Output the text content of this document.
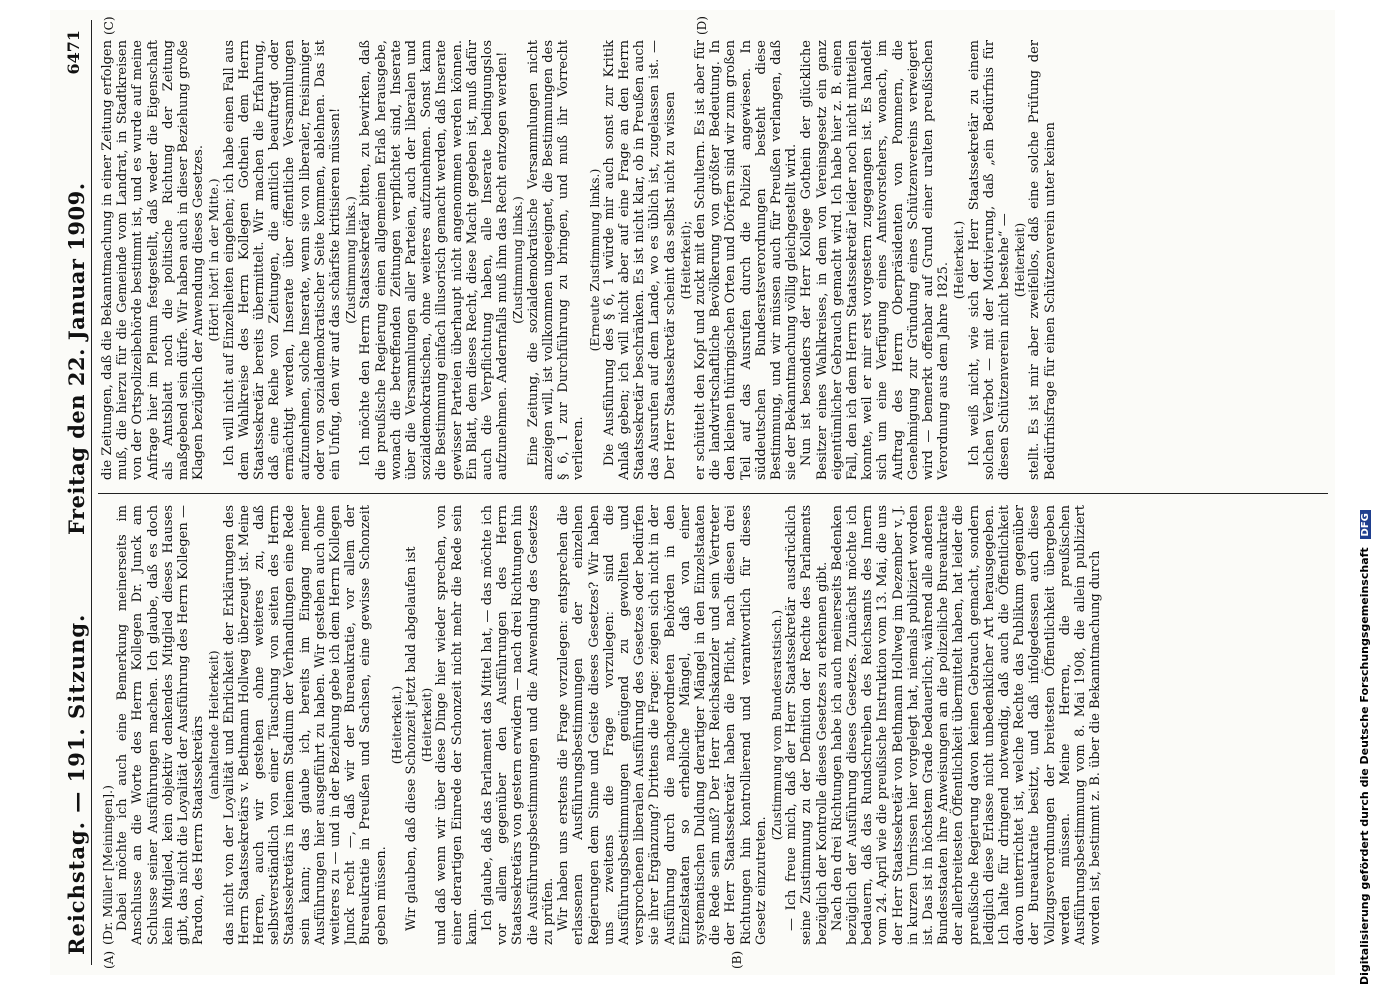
Reichstag. — 191. Sitzung.
Freitag den 22. Januar 1909.
6471
(A)	(B)
(C)	(D)

(Dr. Müller [Meiningen].) Dabei möchte ich auch eine Bemerkung meinerseits im Anschlusse an die Worte des Herrn Kollegen Dr. Junck am Schlusse seiner Ausführungen machen. Ich glaube, daß es doch kein Mitglied, kein objektiv denkendes Mitglied dieses Hauses gibt, das nicht die Loyalität der Ausführung des Herrn Kollegen — Pardon, des Herrn Staatssekretärs (anhaltende Heiterkeit) das nicht von der Loyalität und Ehrlichkeit der Erklärungen des Herrn Staatssekretärs v. Bethmann Hollweg überzeugt ist. Meine Herren, auch wir gestehen ohne weiteres zu, daß selbstverständlich von einer Täuschung von seiten des Herrn Staatssekretärs in keinem Stadium der Verhandlungen eine Rede sein kann; das glaube ich, bereits im Eingang meiner Ausführungen hier ausgeführt zu haben. Wir gestehen auch ohne weiteres zu — und in der Beziehung gebe ich dem Herrn Kollegen Junck recht —, daß wir der Bureaukratie, vor allem der Bureaukratie in Preußen und Sachsen, eine gewisse Schonzeit geben müssen.

(Heiterkeit.) Wir glauben, daß diese Schonzeit jetzt bald abgelaufen ist (Heiterkeit) und daß wenn wir über diese Dinge hier wieder sprechen, von einer derartigen Einrede der Schonzeit nicht mehr die Rede sein kann. Ich glaube, daß das Parlament das Mittel hat, — das möchte ich vor allem gegenüber den Ausführungen des Herrn Staatssekretärs von gestern erwidern — nach drei Richtungen hin die Ausführungsbestimmungen und die Anwendung des Gesetzes zu prüfen. Wir haben uns erstens die Frage vorzulegen: entsprechen die erlassenen Ausführungsbestimmungen der einzelnen Regierungen dem Sinne und Geiste dieses Gesetzes? Wir haben uns zweitens die Frage vorzulegen: sind die Ausführungsbestimmungen genügend zu gewollten und versprochenen liberalen Ausführung des Gesetzes oder bedürfen sie ihrer Ergänzung? Drittens die Frage: zeigen sich nicht in der Ausführung durch die nachgeordneten Behörden in den Einzelstaaten so erhebliche Mängel, daß von einer systematischen Duldung derartiger Mängel in den Einzelstaaten die Rede sein muß? Der Herr Reichskanzler und sein Vertreter der Herr Staatssekretär haben die Pflicht, nach diesen drei Richtungen hin kontrollierend und verantwortlich für dieses Gesetz einzutreten.

(Zustimmung vom Bundesratstisch.) — Ich freue mich, daß der Herr Staatssekretär ausdrücklich seine Zustimmung zu der Definition der Rechte des Parlaments bezüglich der Kontrolle dieses Gesetzes zu erkennen gibt. Nach den drei Richtungen habe ich auch meinerseits Bedenken bezüglich der Ausführung dieses Gesetzes. Zunächst möchte ich bedauern, daß das Rundschreiben des Reichsamts des Innern vom 24. April wie die preußische Instruktion vom 13. Mai, die uns der Herr Staatssekretär von Bethmann Hollweg im Dezember v. J. in kurzen Umrissen hier vorgelegt hat, niemals publiziert worden ist. Das ist in höchstem Grade bedauerlich; während alle anderen Bundesstaaten ihre Anweisungen an die polizeiliche Bureaukratie der allerbreitesten Öffentlichkeit übermittelt haben, hat leider die preußische Regierung davon keinen Gebrauch gemacht, sondern lediglich diese Erlasse nicht unbedenklicher Art herausgegeben. Ich halte für dringend notwendig, daß auch die Öffentlichkeit davon unterrichtet ist, welche Rechte das Publikum gegenüber der Bureaukratie besitzt, und daß infolgedessen auch diese Vollzugsverordnungen der breitesten Öffentlichkeit übergeben werden müssen. Meine Herren, die preußischen Ausführungsbestimmung vom 8. Mai 1908, die allein publiziert worden ist, bestimmt z. B. über die Bekanntmachung durch

die Zeitungen, daß die Bekanntmachung in einer Zeitung erfolgen muß, die hierzu für die Gemeinde vom Landrat, in Stadtkreisen von der Ortspolizeibehörde bestimmt ist, und es wurde auf meine Anfrage hier im Plenum festgestellt, daß weder die Eigenschaft als Amtsblatt noch die politische Richtung der Zeitung maßgebend sein dürfe. Wir haben auch in dieser Beziehung große Klagen bezüglich der Anwendung dieses Gesetzes. (Hört! hört! in der Mitte.) Ich will nicht auf Einzelheiten eingehen; ich habe einen Fall aus dem Wahlkreise des Herrn Kollegen Gothein dem Herrn Staatssekretär bereits übermittelt. Wir machen die Erfahrung, daß eine Reihe von Zeitungen, die amtlich beauftragt oder ermächtigt werden, Inserate über öffentliche Versammlungen aufzunehmen, solche Inserate, wenn sie von liberaler, freisinniger oder von sozialdemokratischer Seite kommen, ablehnen. Das ist ein Unfug, den wir auf das schärfste kritisieren müssen! (Zustimmung links.) Ich möchte den Herrn Staatssekretär bitten, zu bewirken, daß die preußische Regierung einen allgemeinen Erlaß herausgebe, wonach die betreffenden Zeitungen verpflichtet sind, Inserate über die Versammlungen aller Parteien, auch der liberalen und sozialdemokratischen, ohne weiteres aufzunehmen. Sonst kann die Bestimmung einfach illusorisch gemacht werden, daß Inserate gewisser Parteien überhaupt nicht angenommen werden können. Ein Blatt, dem dieses Recht, diese Macht gegeben ist, muß dafür auch die Verpflichtung haben, alle Inserate bedingungslos aufzunehmen. Andernfalls muß ihm das Recht entzogen werden! (Zustimmung links.) Eine Zeitung, die sozialdemokratische Versammlungen nicht anzeigen will, ist vollkommen ungeeignet, die Bestimmungen des § 6, 1 zur Durchführung zu bringen, und muß ihr Vorrecht verlieren.

(Erneute Zustimmung links.) Die Ausführung des § 6, 1 würde mir auch sonst zur Kritik Anlaß geben; ich will nicht aber auf eine Frage an den Herrn Staatssekretär beschränken. Es ist nicht klar, ob in Preußen auch das Ausrufen auf dem Lande, wo es üblich ist, zugelassen ist. — Der Herr Staatssekretär scheint das selbst nicht zu wissen (Heiterkeit); er schüttelt den Kopf und zuckt mit den Schultern. Es ist aber für die landwirtschaftliche Bevölkerung von größter Bedeutung. In den kleinen thüringischen Orten und Dörfern sind wir zum großen Teil auf das Ausrufen durch die Polizei angewiesen. In süddeutschen Bundesratsverordnungen besteht diese Bestimmung, und wir müssen auch für Preußen verlangen, daß sie der Bekanntmachung völlig gleichgestellt wird. Nun ist besonders der Herr Kollege Gothein der glückliche Besitzer eines Wahlkreises, in dem von Vereinsgesetz ein ganz eigentümlicher Gebrauch gemacht wird. Ich habe hier z. B. einen Fall, den ich dem Herrn Staatssekretär leider noch nicht mitteilen konnte, weil er mir erst vorgestern zugegangen ist. Es handelt sich um eine Verfügung eines Amtsvorstehers, wonach, im Auftrag des Herrn Oberpräsidenten von Pommern, die Genehmigung zur Gründung eines Schützenvereins verweigert wird — bemerkt offenbar auf Grund einer uralten preußischen Verordnung aus dem Jahre 1825.

(Heiterkeit.) Ich weiß nicht, wie sich der Herr Staatssekretär zu einem solchen Verbot — mit der Motivierung, daß „ein Bedürfnis für diesen Schützenverein nicht bestehe“ — (Heiterkeit) stellt. Es ist mir aber zweifellos, daß eine solche Prüfung der Bedürfnisfrage für einen Schützenverein unter keinen

Digitalisierung gefördert durch die Deutsche Forschungsgemeinschaft DFG
